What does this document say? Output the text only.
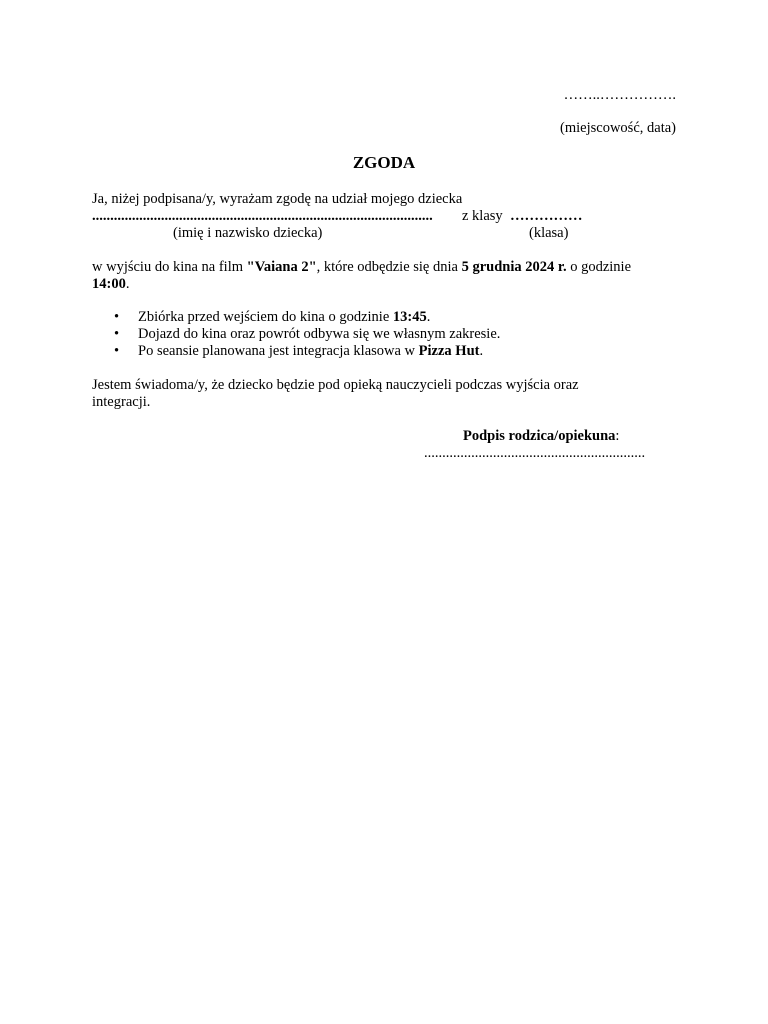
……..…………….
(miejscowość, data)
ZGODA
Ja, niżej podpisana/y, wyrażam zgodę na udział mojego dziecka
.............................................................................................. z klasy ……………
(imię i nazwisko dziecka)	(klasa)
w wyjściu do kina na film "Vaiana 2", które odbędzie się dnia 5 grudnia 2024 r. o godzinie
14:00.
• Zbiórka przed wejściem do kina o godzinie 13:45.
• Dojazd do kina oraz powrót odbywa się we własnym zakresie.
• Po seansie planowana jest integracja klasowa w Pizza Hut.
Jestem świadoma/y, że dziecko będzie pod opieką nauczycieli podczas wyjścia oraz
integracji.
Podpis rodzica/opiekuna:
.............................................................
